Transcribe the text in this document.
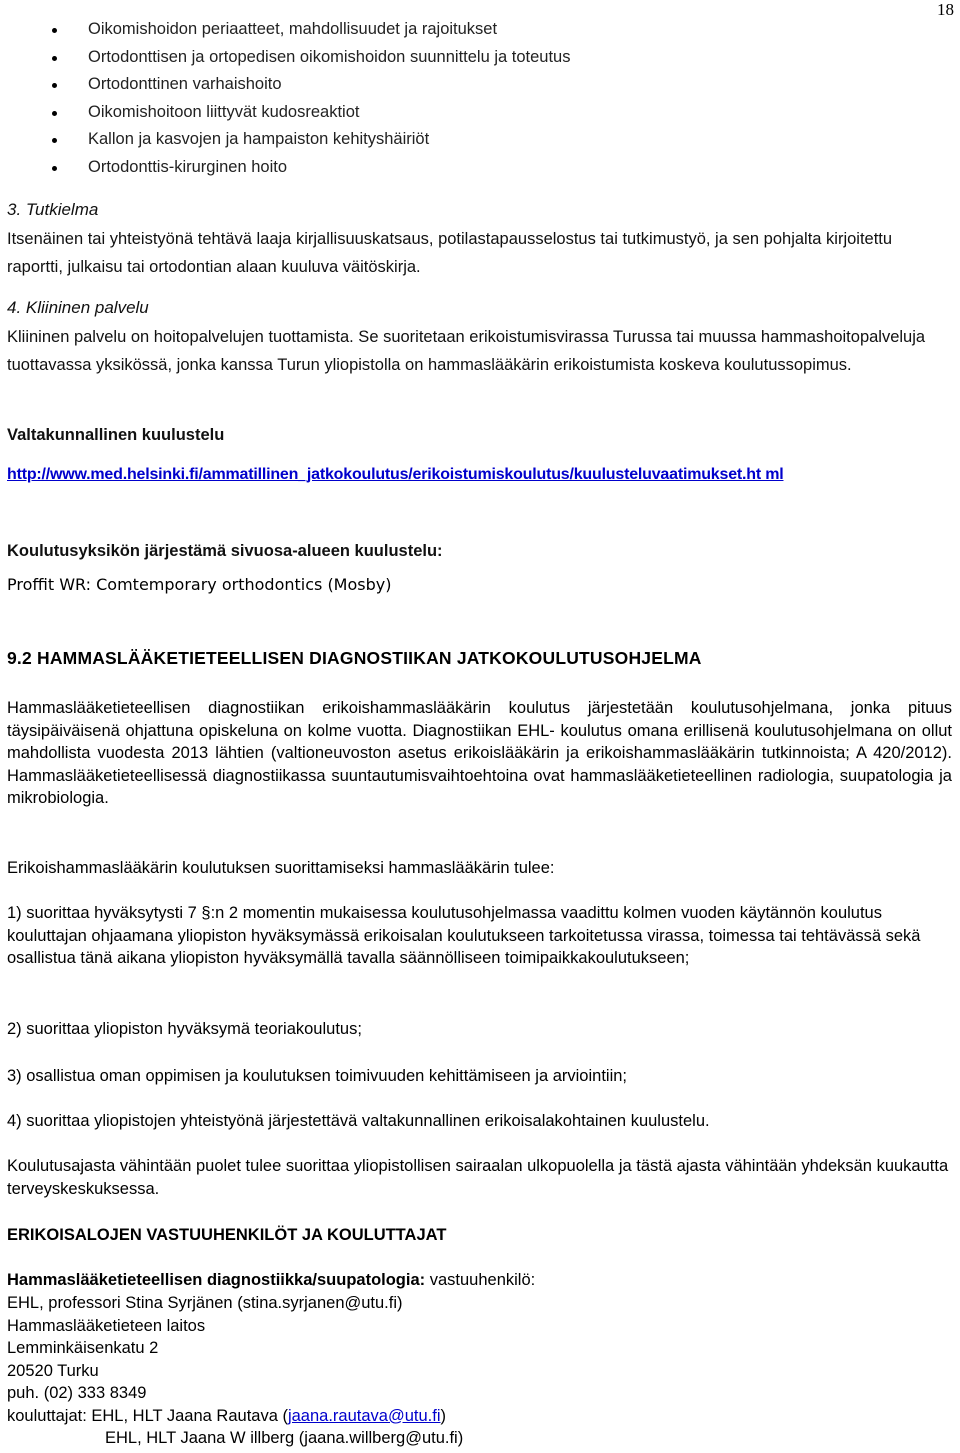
18
Oikomishoidon periaatteet, mahdollisuudet ja rajoitukset
Ortodonttisen ja ortopedisen oikomishoidon suunnittelu ja toteutus
Ortodonttinen varhaishoito
Oikomishoitoon liittyvät kudosreaktiot
Kallon ja kasvojen ja hampaiston kehityshäiriöt
Ortodonttis-kirurginen hoito
3. Tutkielma

Itsenäinen tai yhteistyönä tehtävä laaja kirjallisuuskatsaus, potilastapausselostus tai tutkimustyö, ja sen pohjalta kirjoitettu raportti, julkaisu tai ortodontian alaan kuuluva väitöskirja.

4. Kliininen palvelu

Kliininen palvelu on hoitopalvelujen tuottamista. Se suoritetaan erikoistumisvirassa Turussa tai muussa hammashoitopalveluja tuottavassa yksikössä, jonka kanssa Turun yliopistolla on hammaslääkärin erikoistumista koskeva koulutussopimus.

Valtakunnallinen kuulustelu
http://www.med.helsinki.fi/ammatillinen_jatkokoulutus/erikoistumiskoulutus/kuulusteluvaatimukset.ht ml
Koulutusyksikön järjestämä sivuosa-alueen kuulustelu:
Proffit WR: Comtemporary orthodontics (Mosby)
9.2 HAMMASLÄÄKETIETEELLISEN DIAGNOSTIIKAN JATKOKOULUTUSOHJELMA

Hammaslääketieteellisen diagnostiikan erikoishammaslääkärin koulutus järjestetään koulutusohjelmana, jonka pituus täysipäiväisenä ohjattuna opiskeluna on kolme vuotta. Diagnostiikan EHL- koulutus omana erillisenä koulutusohjelmana on ollut mahdollista vuodesta 2013 lähtien (valtioneuvoston asetus erikoislääkärin ja erikoishammaslääkärin tutkinnoista; A 420/2012). Hammaslääketieteellisessä diagnostiikassa suuntautumisvaihtoehtoina ovat hammaslääketieteellinen radiologia, suupatologia ja mikrobiologia.

Erikoishammaslääkärin koulutuksen suorittamiseksi hammaslääkärin tulee:

1) suorittaa hyväksytysti 7 §:n 2 momentin mukaisessa koulutusohjelmassa vaadittu kolmen vuoden käytännön koulutus kouluttajan ohjaamana yliopiston hyväksymässä erikoisalan koulutukseen tarkoitetussa virassa, toimessa tai tehtävässä sekä osallistua tänä aikana yliopiston hyväksymällä tavalla säännölliseen toimipaikkakoulutukseen;

2) suorittaa yliopiston hyväksymä teoriakoulutus;

3) osallistua oman oppimisen ja koulutuksen toimivuuden kehittämiseen ja arviointiin;

4) suorittaa yliopistojen yhteistyönä järjestettävä valtakunnallinen erikoisalakohtainen kuulustelu.

Koulutusajasta vähintään puolet tulee suorittaa yliopistollisen sairaalan ulkopuolella ja tästä ajasta vähintään yhdeksän kuukautta terveyskeskuksessa.

ERIKOISALOJEN VASTUUHENKILÖT JA KOULUTTAJAT
Hammaslääketieteellisen diagnostiikka/suupatologia: vastuuhenkilö:
EHL, professori Stina Syrjänen (stina.syrjanen@utu.fi)
Hammaslääketieteen laitos
Lemminkäisenkatu 2
20520 Turku
puh. (02) 333 8349
kouluttajat: EHL, HLT Jaana Rautava (jaana.rautava@utu.fi)
EHL, HLT Jaana W illberg (jaana.willberg@utu.fi)
